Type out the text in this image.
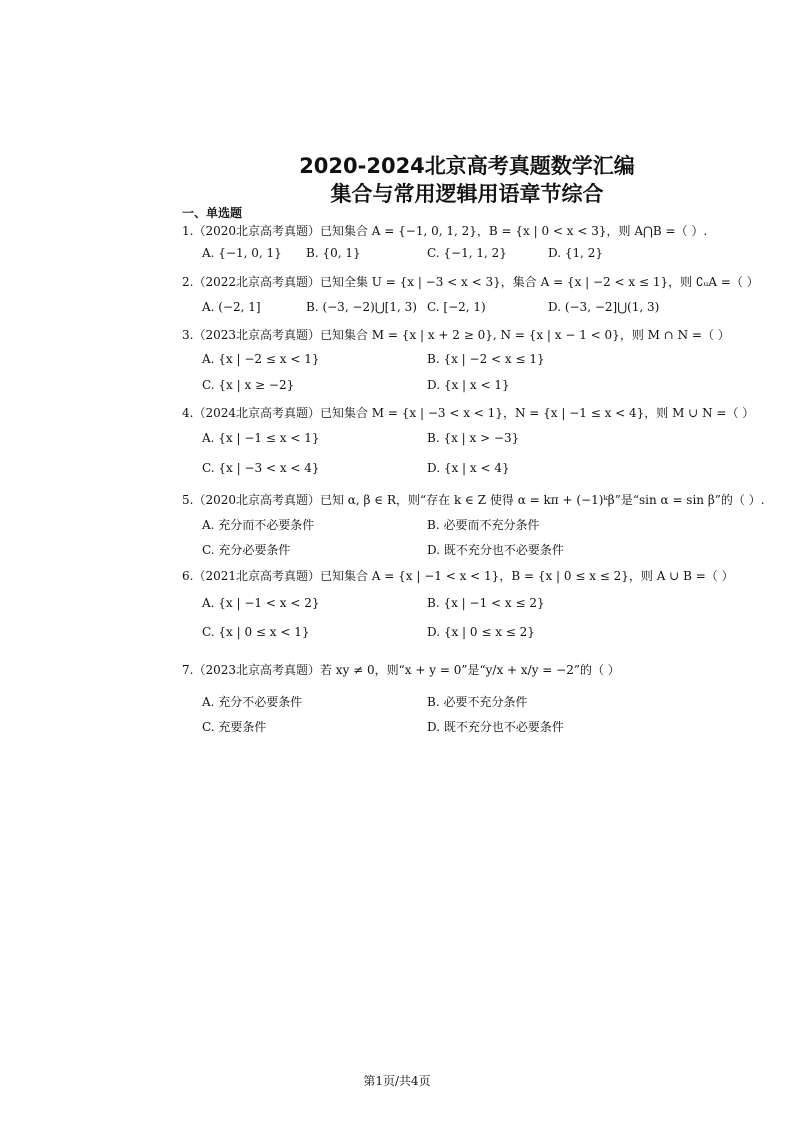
2020-2024北京高考真题数学汇编
集合与常用逻辑用语章节综合
一、单选题
1.（2020北京高考真题）已知集合 A = {−1, 0, 1, 2}，B = {x | 0 < x < 3}，则 A⋂B =（ ）.
A. {−1, 0, 1} B. {0, 1}	C. {−1, 1, 2}	D. {1, 2}
2.（2022北京高考真题）已知全集 U = {x | −3 < x < 3}，集合 A = {x | −2 < x ≤ 1}，则 ∁ᵤA =（ ）
A. (−2, 1]	B. (−3, −2)⋃[1, 3) C. [−2, 1)	D. (−3, −2]⋃(1, 3)
3.（2023北京高考真题）已知集合 M = {x | x + 2 ≥ 0}, N = {x | x − 1 < 0}，则 M ∩ N =（ ）
A. {x | −2 ≤ x < 1}	B. {x | −2 < x ≤ 1}
C. {x | x ≥ −2}	D. {x | x < 1}
4.（2024北京高考真题）已知集合 M = {x | −3 < x < 1}，N = {x | −1 ≤ x < 4}，则 M ∪ N =（ ）
A. {x | −1 ≤ x < 1}	B. {x | x > −3}
C. {x | −3 < x < 4}	D. {x | x < 4}
5.（2020北京高考真题）已知 α, β ∈ R，则“存在 k ∈ Z 使得 α = kπ + (−1)ᵏβ”是“sin α = sin β”的（ ）.
A. 充分而不必要条件	B. 必要而不充分条件
C. 充分必要条件	D. 既不充分也不必要条件
6.（2021北京高考真题）已知集合 A = {x | −1 < x < 1}，B = {x | 0 ≤ x ≤ 2}，则 A ∪ B =（ ）
A. {x | −1 < x < 2}	B. {x | −1 < x ≤ 2}
C. {x | 0 ≤ x < 1}	D. {x | 0 ≤ x ≤ 2}
7.（2023北京高考真题）若 xy ≠ 0，则“x + y = 0”是“y/x + x/y = −2”的（ ）
A. 充分不必要条件	B. 必要不充分条件
C. 充要条件	D. 既不充分也不必要条件
第1页/共4页
